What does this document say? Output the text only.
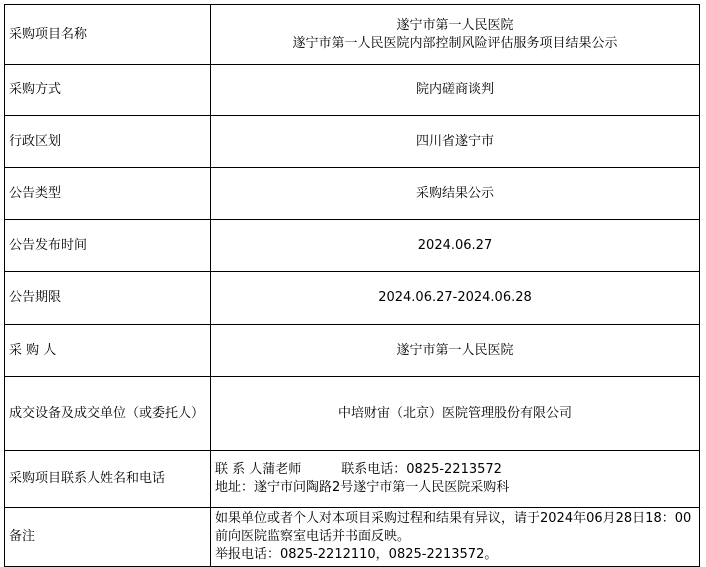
采购项目名称	遂宁市第一人民医院
遂宁市第一人民医院内部控制风险评估服务项目结果公示

采购方式	院内磋商谈判
行政区划	四川省遂宁市
公告类型	采购结果公示
公告发布时间	2024.06.27
公告期限	2024.06.27-2024.06.28
采 购 人	遂宁市第一人民医院
成交设备及成交单位（或委托人）	中培财宙（北京）医院管理股份有限公司
采购项目联系人姓名和电话	联 系 人蒲老师 联系电话：0825-2213572
地址：遂宁市问陶路2号遂宁市第一人民医院采购科

备注	如果单位或者个人对本项目采购过程和结果有异议，请于2024年06月28日18：00前向医院监察室电话并书面反映。
举报电话：0825-2212110，0825-2213572。
